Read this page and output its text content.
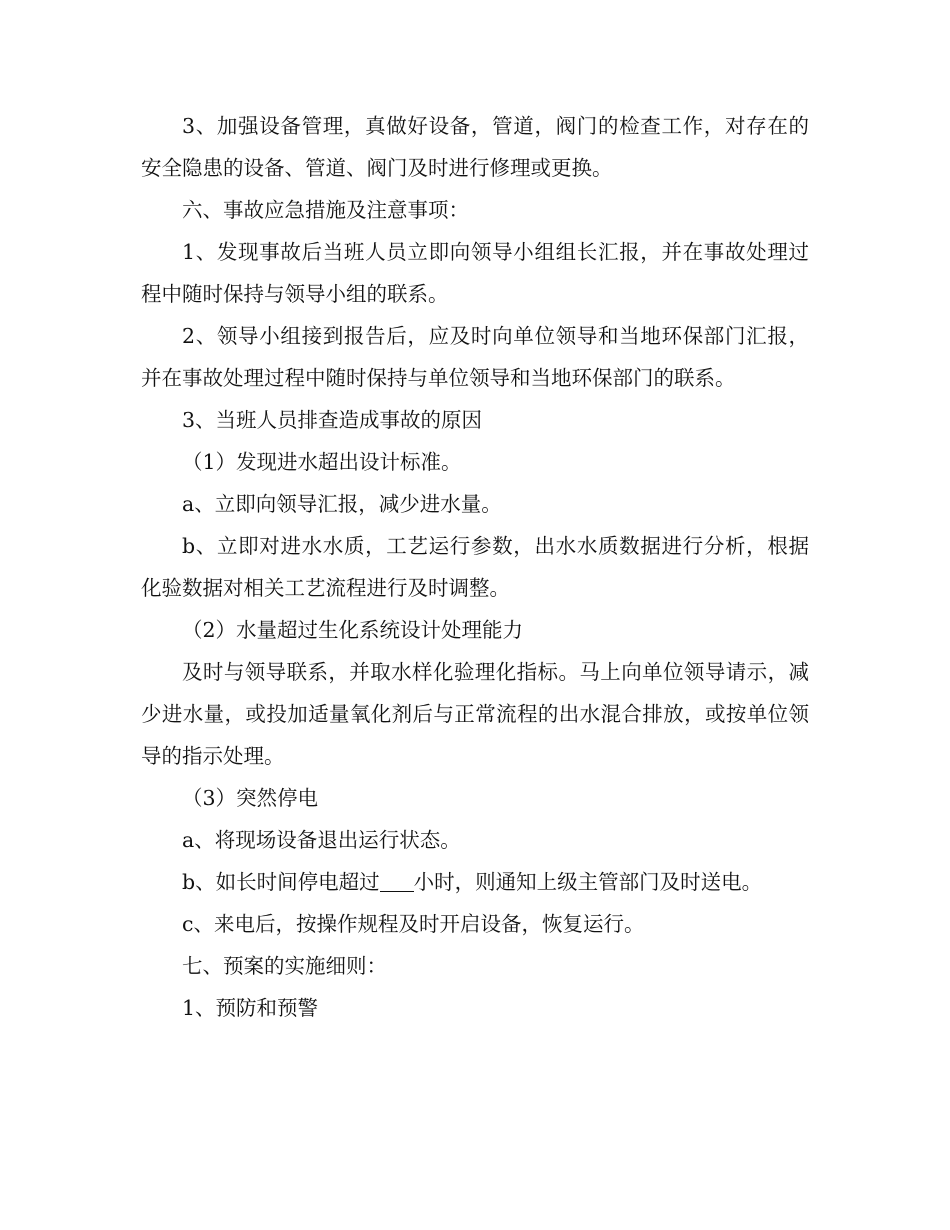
3、加强设备管理，真做好设备，管道，阀门的检查工作，对存在的安全隐患的设备、管道、阀门及时进行修理或更换。

六、事故应急措施及注意事项：

1、发现事故后当班人员立即向领导小组组长汇报，并在事故处理过程中随时保持与领导小组的联系。

2、领导小组接到报告后，应及时向单位领导和当地环保部门汇报，并在事故处理过程中随时保持与单位领导和当地环保部门的联系。

3、当班人员排查造成事故的原因

（1）发现进水超出设计标准。

a、立即向领导汇报，减少进水量。

b、立即对进水水质，工艺运行参数，出水水质数据进行分析，根据化验数据对相关工艺流程进行及时调整。

（2）水量超过生化系统设计处理能力

及时与领导联系，并取水样化验理化指标。马上向单位领导请示，减少进水量，或投加适量氧化剂后与正常流程的出水混合排放，或按单位领导的指示处理。

（3）突然停电

a、将现场设备退出运行状态。

b、如长时间停电超过 小时，则通知上级主管部门及时送电。

c、来电后，按操作规程及时开启设备，恢复运行。

七、预案的实施细则：

1、预防和预警
